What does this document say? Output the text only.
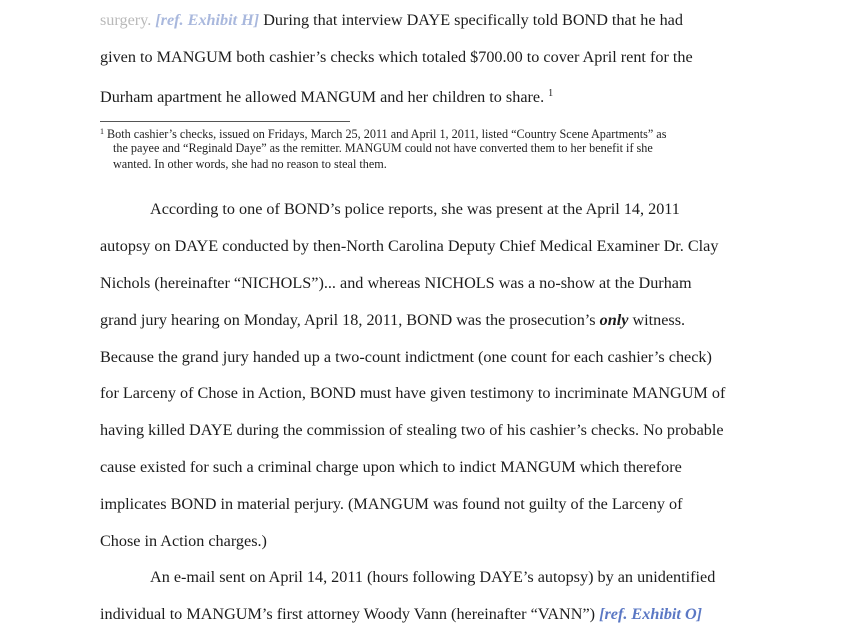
surgery. [ref. Exhibit H] During that interview DAYE specifically told BOND that he had
given to MANGUM both cashier’s checks which totaled $700.00 to cover April rent for the
Durham apartment he allowed MANGUM and her children to share. $^1$
$^1$ Both cashier’s checks, issued on Fridays, March 25, 2011 and April 1, 2011, listed “Country Scene Apartments” as
the payee and “Reginald Daye” as the remitter. MANGUM could not have converted them to her benefit if she
wanted. In other words, she had no reason to steal them.
According to one of BOND’s police reports, she was present at the April 14, 2011
autopsy on DAYE conducted by then-North Carolina Deputy Chief Medical Examiner Dr. Clay
Nichols (hereinafter “NICHOLS”)... and whereas NICHOLS was a no-show at the Durham
grand jury hearing on Monday, April 18, 2011, BOND was the prosecution’s only witness.
Because the grand jury handed up a two-count indictment (one count for each cashier’s check)
for Larceny of Chose in Action, BOND must have given testimony to incriminate MANGUM of
having killed DAYE during the commission of stealing two of his cashier’s checks. No probable
cause existed for such a criminal charge upon which to indict MANGUM which therefore
implicates BOND in material perjury. (MANGUM was found not guilty of the Larceny of
Chose in Action charges.)
An e-mail sent on April 14, 2011 (hours following DAYE’s autopsy) by an unidentified
individual to MANGUM’s first attorney Woody Vann (hereinafter “VANN”) [ref. Exhibit O]
